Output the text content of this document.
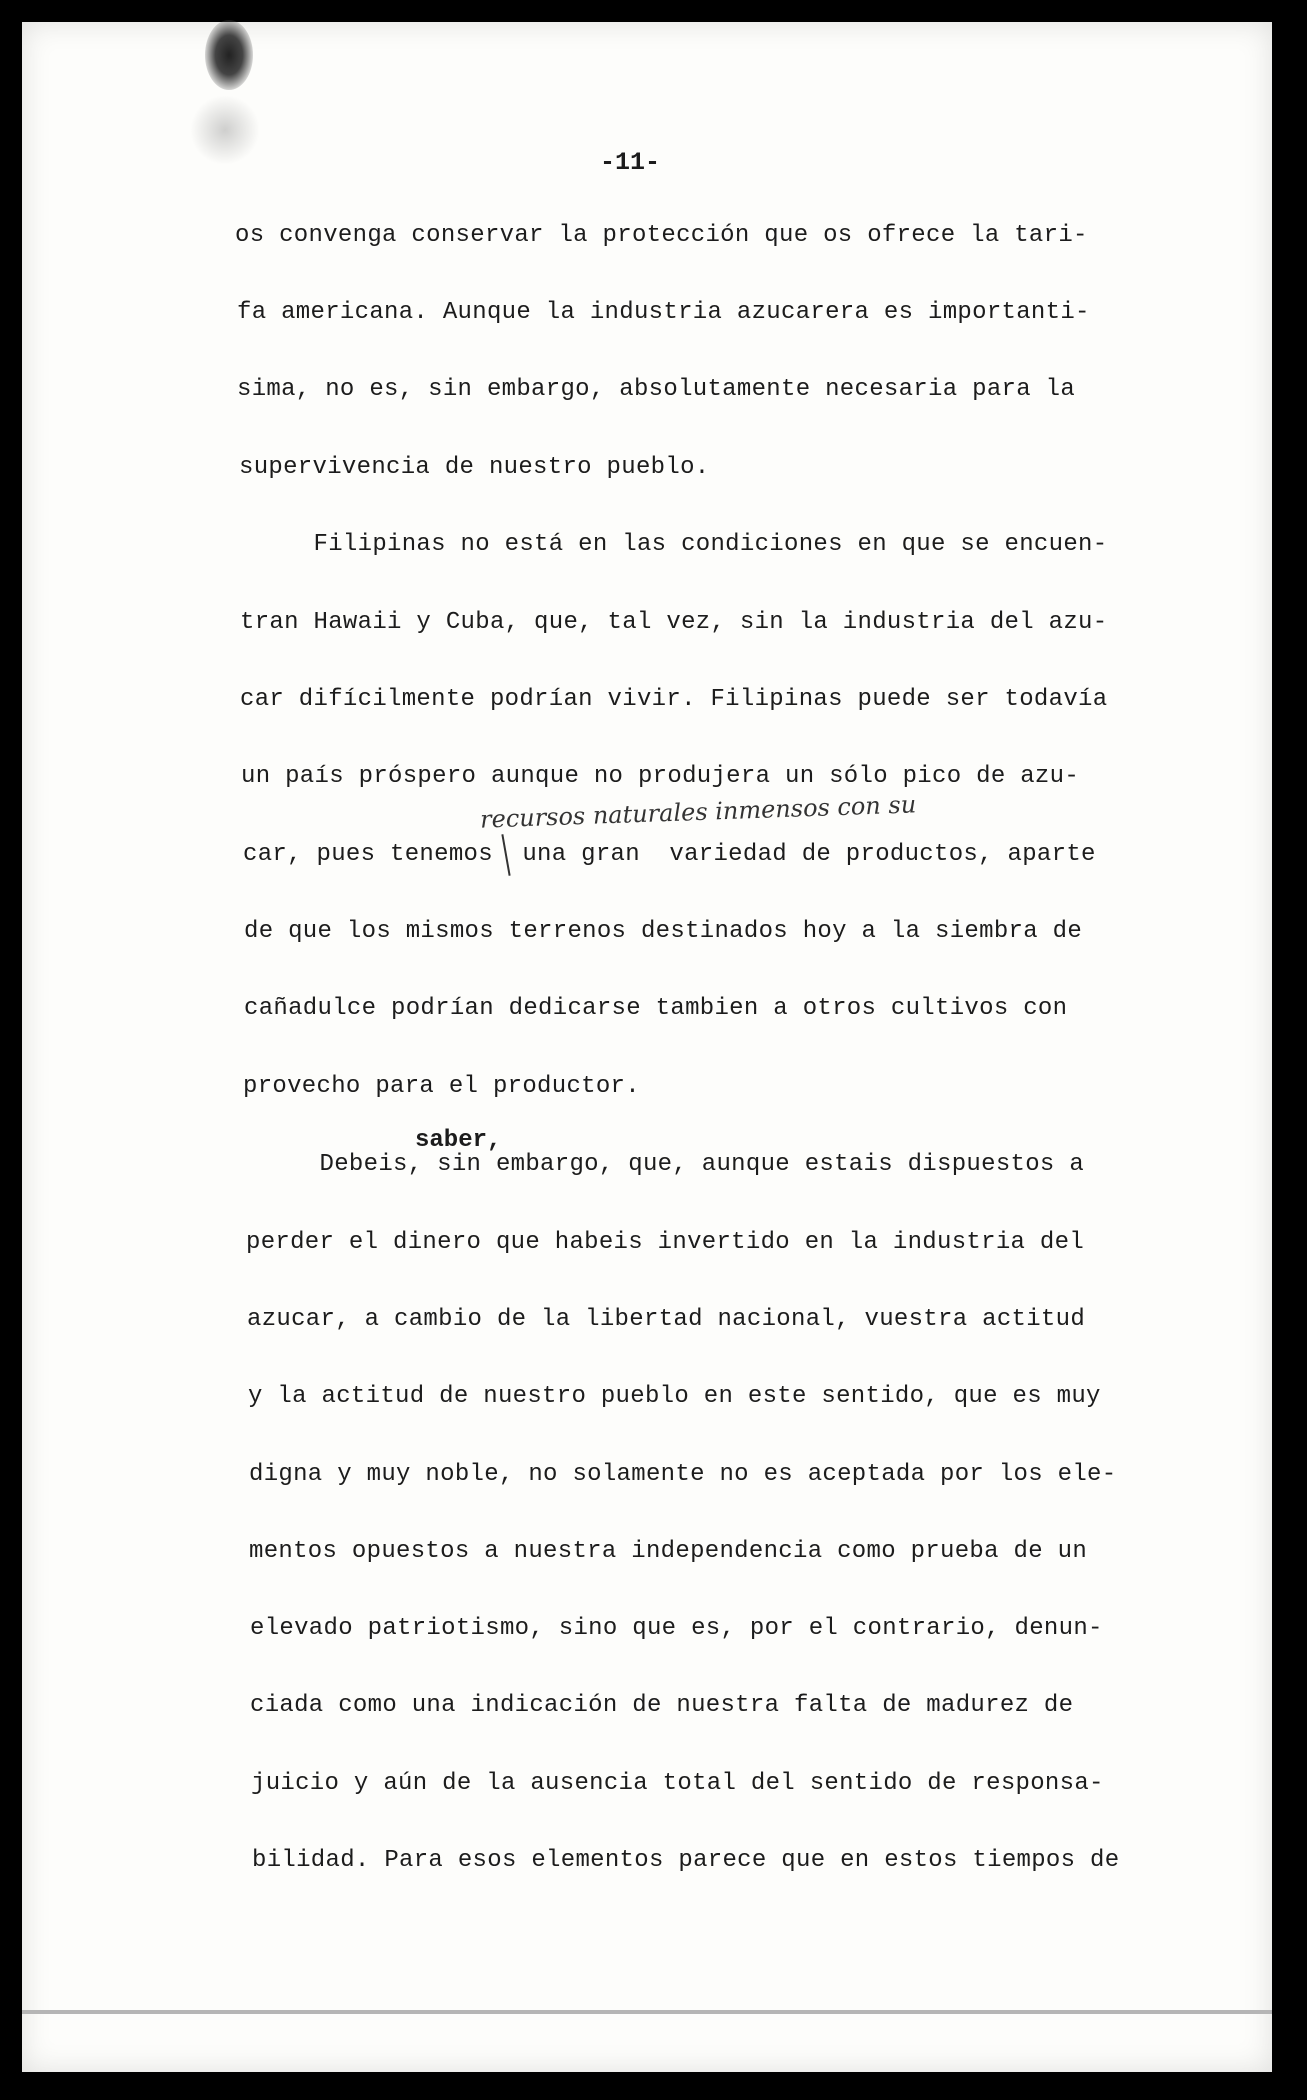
-11-
os convenga conservar la protección que os ofrece la tari-
fa americana. Aunque la industria azucarera es importanti-
sima, no es, sin embargo, absolutamente necesaria para la
supervivencia de nuestro pueblo.
Filipinas no está en las condiciones en que se encuen-
tran Hawaii y Cuba, que, tal vez, sin la industria del azu-
car difícilmente podrían vivir. Filipinas puede ser todavía
un país próspero aunque no produjera un sólo pico de azu-
recursos naturales inmensos con su
car, pues tenemos  una gran  variedad de productos, aparte
de que los mismos terrenos destinados hoy a la siembra de
cañadulce podrían dedicarse tambien a otros cultivos con
provecho para el productor.
saber,
Debeis, sin embargo, que, aunque estais dispuestos a
perder el dinero que habeis invertido en la industria del
azucar, a cambio de la libertad nacional, vuestra actitud
y la actitud de nuestro pueblo en este sentido, que es muy
digna y muy noble, no solamente no es aceptada por los ele-
mentos opuestos a nuestra independencia como prueba de un
elevado patriotismo, sino que es, por el contrario, denun-
ciada como una indicación de nuestra falta de madurez de
juicio y aún de la ausencia total del sentido de responsa-
bilidad. Para esos elementos parece que en estos tiempos de
